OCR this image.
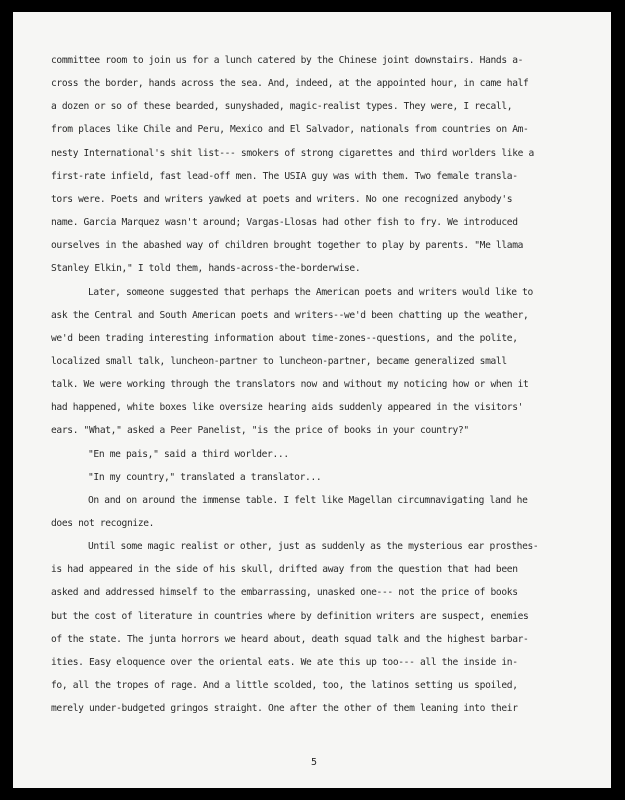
committee room to join us for a lunch catered by the Chinese joint downstairs. Hands a-
cross the border, hands across the sea. And, indeed, at the appointed hour, in came half
a dozen or so of these bearded, sunyshaded, magic-realist types. They were, I recall,
from places like Chile and Peru, Mexico and El Salvador, nationals from countries on Am-
nesty International's shit list--- smokers of strong cigarettes and third worlders like a
first-rate infield, fast lead-off men. The USIA guy was with them. Two female transla-
tors were. Poets and writers yawked at poets and writers. No one recognized anybody's
name. Garcia Marquez wasn't around; Vargas-Llosas had other fish to fry. We introduced
ourselves in the abashed way of children brought together to play by parents. "Me llama
Stanley Elkin," I told them, hands-across-the-borderwise.
Later, someone suggested that perhaps the American poets and writers would like to
ask the Central and South American poets and writers--we'd been chatting up the weather,
we'd been trading interesting information about time-zones--questions, and the polite,
localized small talk, luncheon-partner to luncheon-partner, became generalized small
talk. We were working through the translators now and without my noticing how or when it
had happened, white boxes like oversize hearing aids suddenly appeared in the visitors'
ears. "What," asked a Peer Panelist, "is the price of books in your country?"
"En me pais," said a third worlder...
"In my country," translated a translator...
On and on around the immense table. I felt like Magellan circumnavigating land he
does not recognize.
Until some magic realist or other, just as suddenly as the mysterious ear prosthes-
is had appeared in the side of his skull, drifted away from the question that had been
asked and addressed himself to the embarrassing, unasked one--- not the price of books
but the cost of literature in countries where by definition writers are suspect, enemies
of the state. The junta horrors we heard about, death squad talk and the highest barbar-
ities. Easy eloquence over the oriental eats. We ate this up too--- all the inside in-
fo, all the tropes of rage. And a little scolded, too, the latinos setting us spoiled,
merely under-budgeted gringos straight. One after the other of them leaning into their
5
